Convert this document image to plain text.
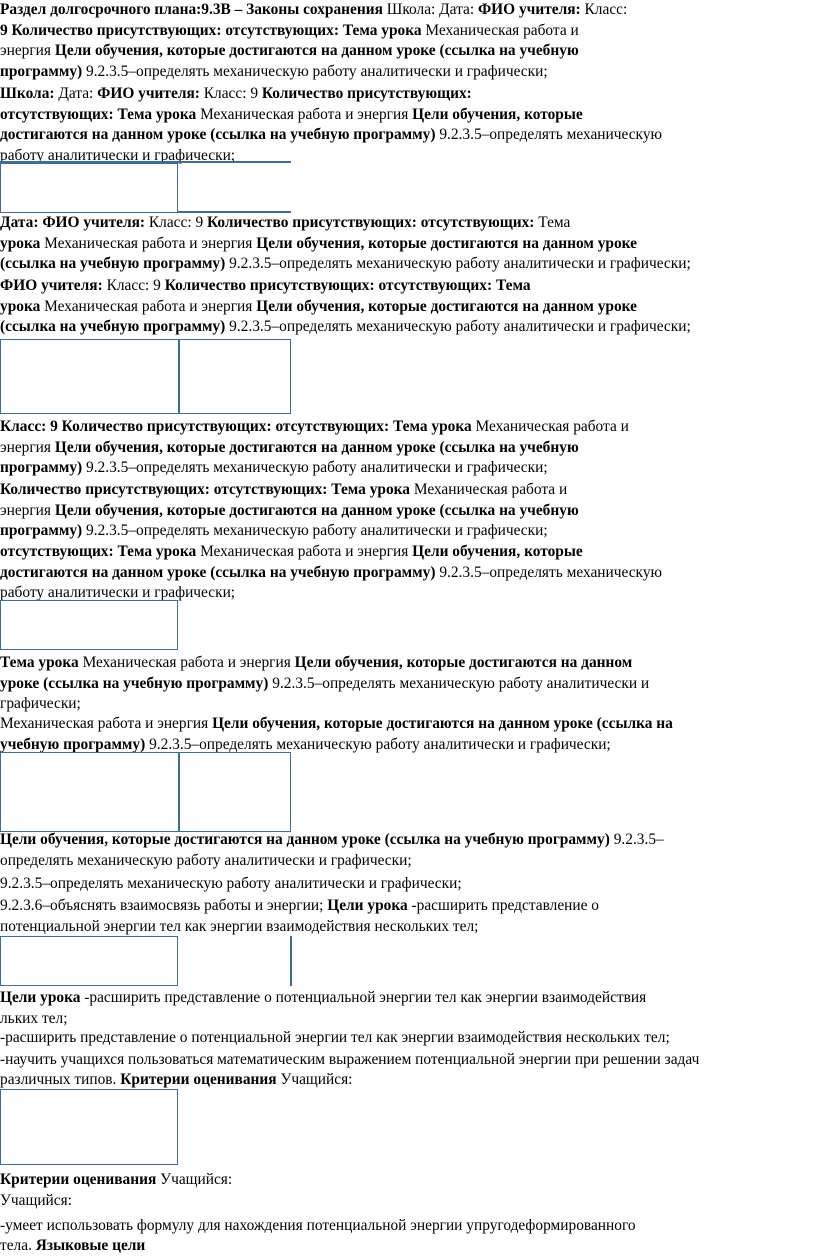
Раздел долгосрочного плана:9.3В – Законы сохранения Школа: Дата: ФИО учителя: Класс:
9 Количество присутствующих: отсутствующих: Тема урока Механическая работа и
энергия Цели обучения, которые достигаются на данном уроке (ссылка на учебную
программу) 9.2.3.5–определять механическую работу аналитически и графически;
Школа: Дата: ФИО учителя: Класс: 9 Количество присутствующих:
отсутствующих: Тема урока Механическая работа и энергия Цели обучения, которые
достигаются на данном уроке (ссылка на учебную программу) 9.2.3.5–определять механическую
работу аналитически и графически;
Дата: ФИО учителя: Класс: 9 Количество присутствующих: отсутствующих: Тема
урока Механическая работа и энергия Цели обучения, которые достигаются на данном уроке
(ссылка на учебную программу) 9.2.3.5–определять механическую работу аналитически и графически;
ФИО учителя: Класс: 9 Количество присутствующих: отсутствующих: Тема
урока Механическая работа и энергия Цели обучения, которые достигаются на данном уроке
(ссылка на учебную программу) 9.2.3.5–определять механическую работу аналитически и графически;
Класс: 9 Количество присутствующих: отсутствующих: Тема урока Механическая работа и
энергия Цели обучения, которые достигаются на данном уроке (ссылка на учебную
программу) 9.2.3.5–определять механическую работу аналитически и графически;
Количество присутствующих: отсутствующих: Тема урока Механическая работа и
энергия Цели обучения, которые достигаются на данном уроке (ссылка на учебную
программу) 9.2.3.5–определять механическую работу аналитически и графически;
отсутствующих: Тема урока Механическая работа и энергия Цели обучения, которые
достигаются на данном уроке (ссылка на учебную программу) 9.2.3.5–определять механическую
работу аналитически и графически;
Тема урока Механическая работа и энергия Цели обучения, которые достигаются на данном
уроке (ссылка на учебную программу) 9.2.3.5–определять механическую работу аналитически и
графически;
Механическая работа и энергия Цели обучения, которые достигаются на данном уроке (ссылка на
учебную программу) 9.2.3.5–определять механическую работу аналитически и графически;
Цели обучения, которые достигаются на данном уроке (ссылка на учебную программу) 9.2.3.5–
определять механическую работу аналитически и графически;
9.2.3.5–определять механическую работу аналитически и графически;
9.2.3.6–объяснять взаимосвязь работы и энергии; Цели урока -расширить представление о
потенциальной энергии тел как энергии взаимодействия нескольких тел;
Цели урока -расширить представление о потенциальной энергии тел как энергии взаимодействия
льких тел;
-расширить представление о потенциальной энергии тел как энергии взаимодействия нескольких тел;
-научить учащихся пользоваться математическим выражением потенциальной энергии при решении задач
различных типов. Критерии оценивания Учащийся:
Критерии оценивания Учащийся:
Учащийся:
-умеет использовать формулу для нахождения потенциальной энергии упругодеформированного
тела. Языковые цели
